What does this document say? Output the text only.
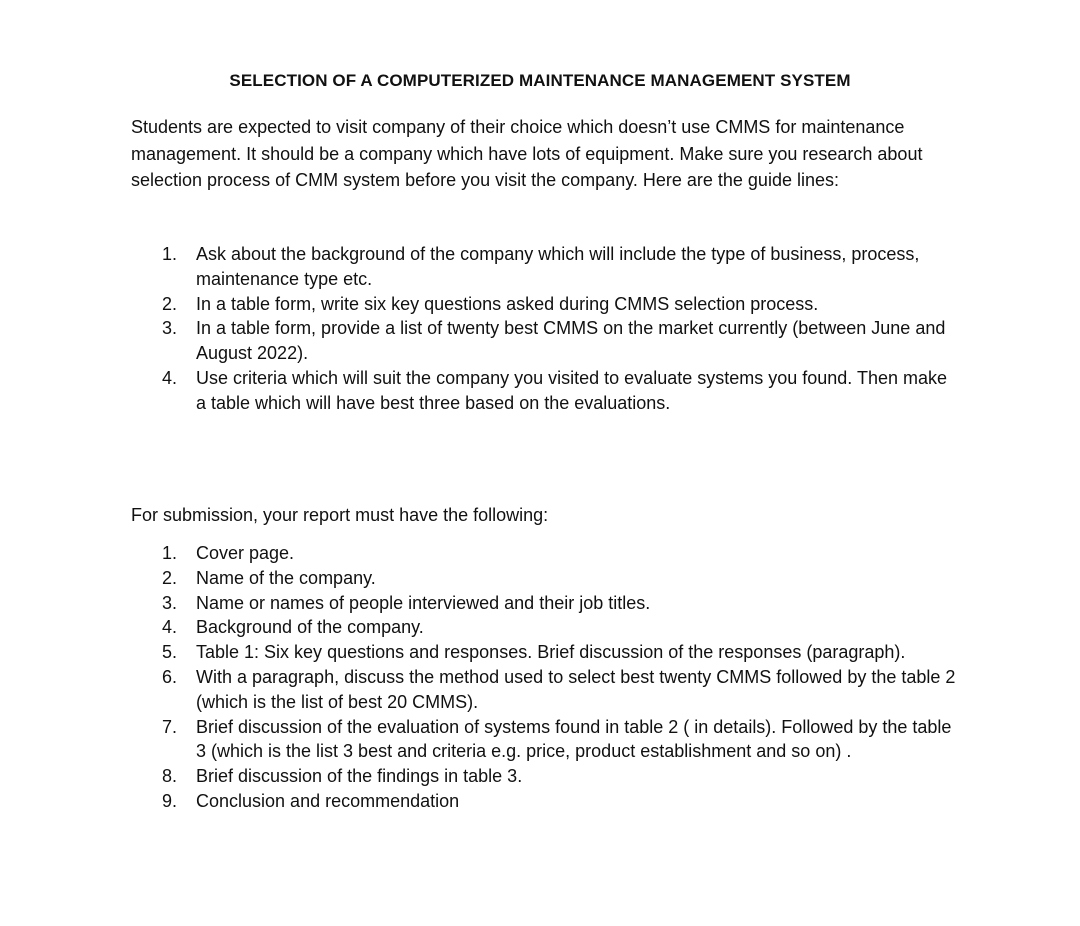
SELECTION OF A COMPUTERIZED MAINTENANCE MANAGEMENT SYSTEM

Students are expected to visit company of their choice which doesn’t use CMMS for maintenance management. It should be a company which have lots of equipment. Make sure you research about selection process of CMM system before you visit the company. Here are the guide lines:

1. Ask about the background of the company which will include the type of business, process, maintenance type etc.
2. In a table form, write six key questions asked during CMMS selection process.
3. In a table form, provide a list of twenty best CMMS on the market currently (between June and August 2022).
4. Use criteria which will suit the company you visited to evaluate systems you found. Then make a table which will have best three based on the evaluations.

For submission, your report must have the following:

1. Cover page.
2. Name of the company.
3. Name or names of people interviewed and their job titles.
4. Background of the company.
5. Table 1: Six key questions and responses. Brief discussion of the responses (paragraph).
6. With a paragraph, discuss the method used to select best twenty CMMS followed by the table 2 (which is the list of best 20 CMMS).
7. Brief discussion of the evaluation of systems found in table 2 ( in details). Followed by the table 3 (which is the list 3 best and criteria e.g. price, product establishment and so on) .
8. Brief discussion of the findings in table 3.
9. Conclusion and recommendation
